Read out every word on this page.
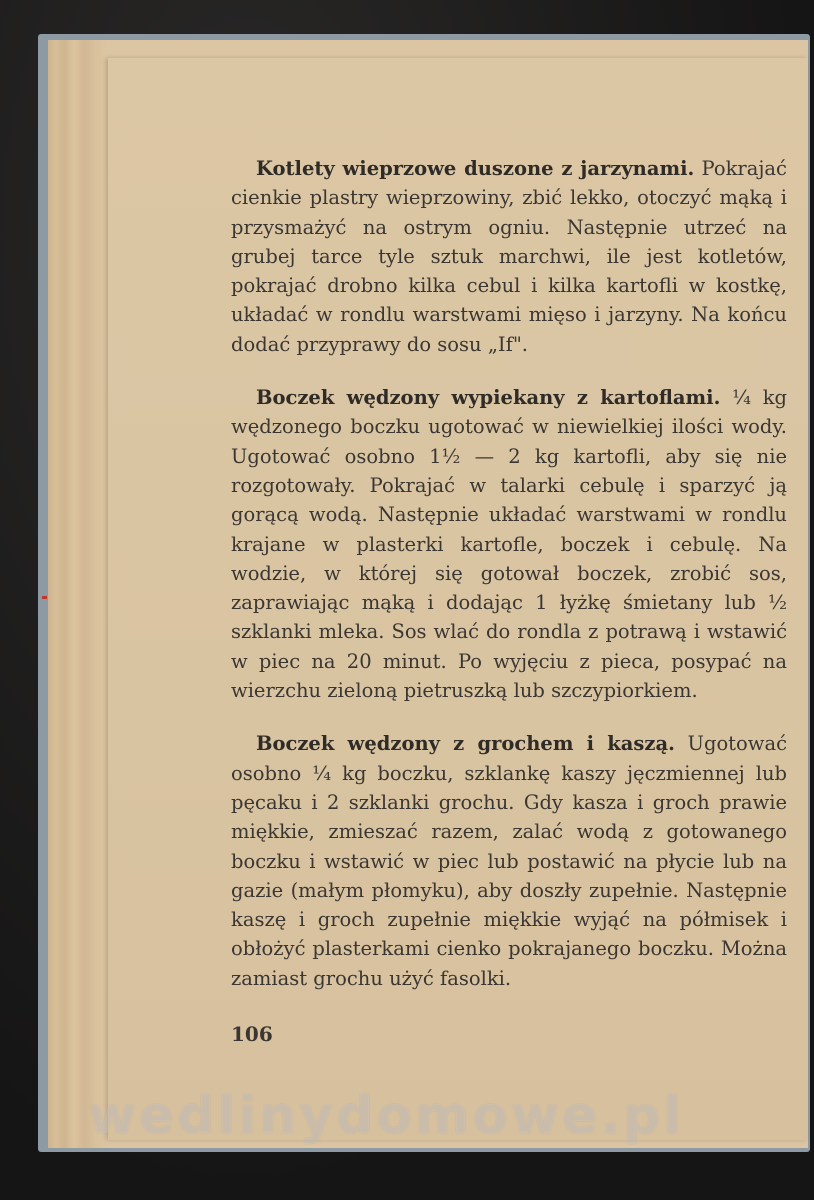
Kotlety wieprzowe duszone z jarzynami. Pokrajać cienkie plastry wieprzowiny, zbić lekko, otoczyć mąką i przysmażyć na ostrym ogniu. Następnie utrzeć na grubej tarce tyle sztuk marchwi, ile jest kotletów, pokrajać drobno kilka cebul i kilka kartofli w kostkę, układać w rondlu warstwami mięso i jarzyny. Na końcu dodać przyprawy do sosu „If".

Boczek wędzony wypiekany z kartoflami. ¼ kg wędzonego boczku ugotować w niewielkiej ilości wody. Ugotować osobno 1½ — 2 kg kartofli, aby się nie rozgotowały. Pokrajać w talarki cebulę i sparzyć ją gorącą wodą. Następnie układać warstwami w rondlu krajane w plasterki kartofle, boczek i cebulę. Na wodzie, w której się gotował boczek, zrobić sos, zaprawiając mąką i dodając 1 łyżkę śmietany lub ½ szklanki mleka. Sos wlać do rondla z potrawą i wstawić w piec na 20 minut. Po wyjęciu z pieca, posypać na wierzchu zieloną pietruszką lub szczypiorkiem.

Boczek wędzony z grochem i kaszą. Ugotować osobno ¼ kg boczku, szklankę kaszy jęczmiennej lub pęcaku i 2 szklanki grochu. Gdy kasza i groch prawie miękkie, zmieszać razem, zalać wodą z gotowanego boczku i wstawić w piec lub postawić na płycie lub na gazie (małym płomyku), aby doszły zupełnie. Następnie kaszę i groch zupełnie miękkie wyjąć na półmisek i obłożyć plasterkami cienko pokrajanego boczku. Można zamiast grochu użyć fasolki.

106
wedlinydomowe.pl
